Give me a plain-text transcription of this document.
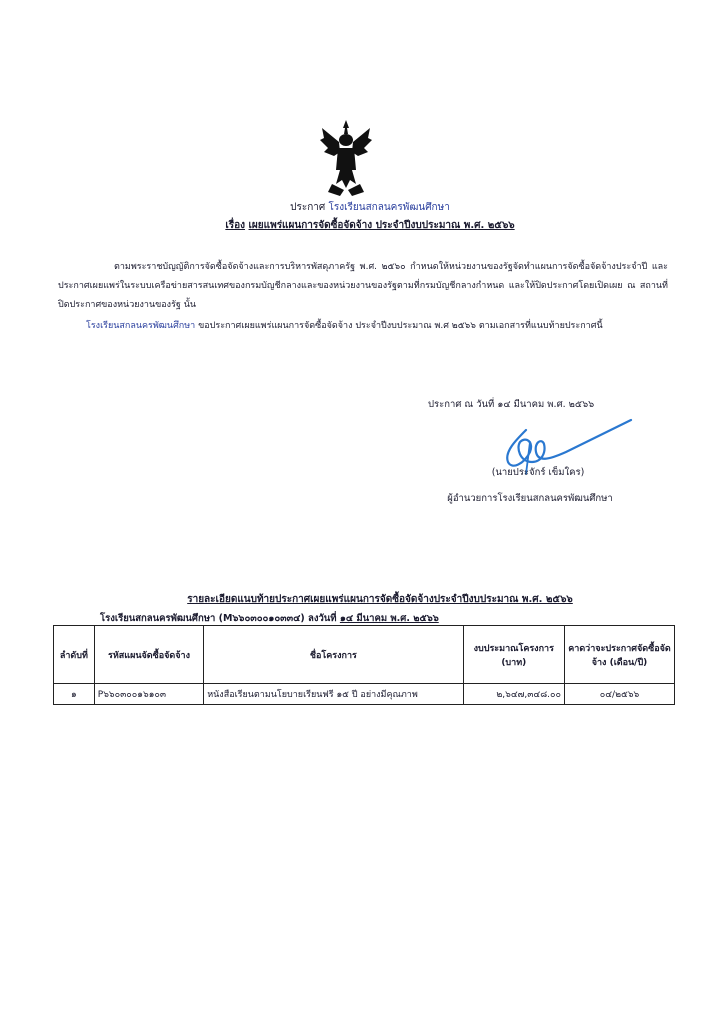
ประกาศ โรงเรียนสกลนครพัฒนศึกษา
เรื่อง เผยแพร่แผนการจัดซื้อจัดจ้าง ประจำปีงบประมาณ พ.ศ. ๒๕๖๖
ตามพระราชบัญญัติการจัดซื้อจัดจ้างและการบริหารพัสดุภาครัฐ พ.ศ. ๒๕๖๐ กำหนดให้หน่วยงานของรัฐจัดทำแผนการจัดซื้อจัดจ้างประจำปี และประกาศเผยแพร่ในระบบเครือข่ายสารสนเทศของกรมบัญชีกลางและของหน่วยงานของรัฐตามที่กรมบัญชีกลางกำหนด และให้ปิดประกาศโดยเปิดเผย ณ สถานที่ปิดประกาศของหน่วยงานของรัฐ นั้น
โรงเรียนสกลนครพัฒนศึกษา ขอประกาศเผยแพร่แผนการจัดซื้อจัดจ้าง ประจำปีงบประมาณ พ.ศ ๒๕๖๖ ตามเอกสารที่แนบท้ายประกาศนี้
ประกาศ ณ วันที่ ๑๔ มีนาคม พ.ศ. ๒๕๖๖
(นายประจักร์ เข็มใคร)
ผู้อำนวยการโรงเรียนสกลนครพัฒนศึกษา
รายละเอียดแนบท้ายประกาศเผยแพร่แผนการจัดซื้อจัดจ้างประจำปีงบประมาณ พ.ศ. ๒๕๖๖
โรงเรียนสกลนครพัฒนศึกษา (M๖๖๐๓๐๐๑๐๓๓๔) ลงวันที่ ๑๔ มีนาคม พ.ศ. ๒๕๖๖
ลำดับที่	รหัสแผนจัดซื้อจัดจ้าง	ชื่อโครงการ	งบประมาณโครงการ (บาท)	คาดว่าจะประกาศจัดซื้อจัดจ้าง (เดือน/ปี)
๑	P๖๖๐๓๐๐๑๖๑๐๓	หนังสือเรียนตามนโยบายเรียนฟรี ๑๕ ปี อย่างมีคุณภาพ	๒,๖๔๗,๓๔๘.๐๐	๐๔/๒๕๖๖
